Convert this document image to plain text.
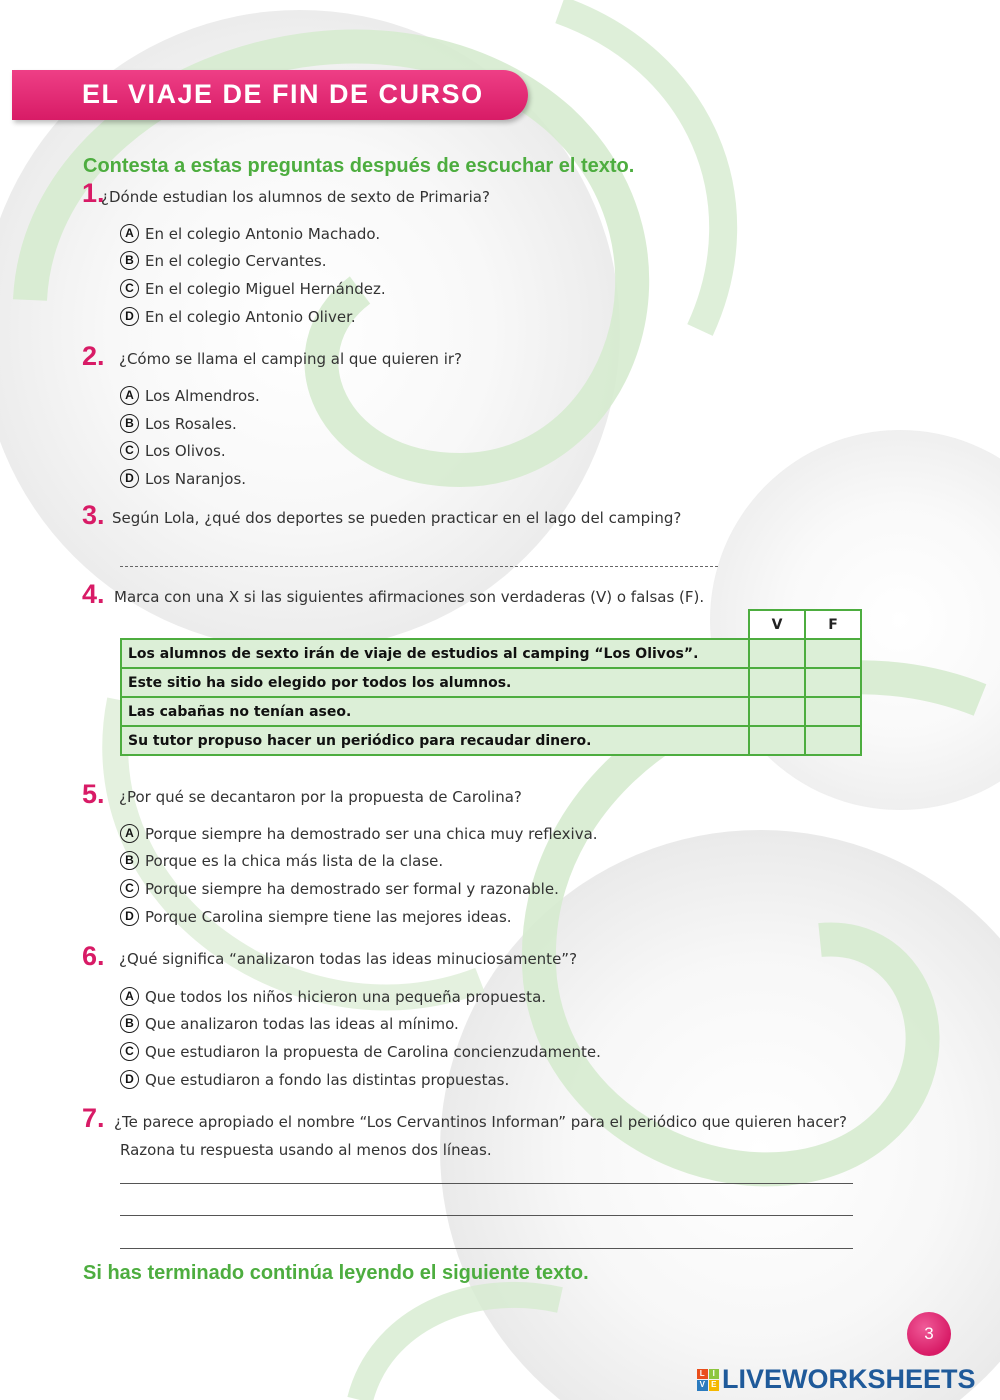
EL VIAJE DE FIN DE CURSO
Contesta a estas preguntas después de escuchar el texto.
1.
¿Dónde estudian los alumnos de sexto de Primaria?
A En el colegio Antonio Machado.
B En el colegio Cervantes.
C En el colegio Miguel Hernández.
D En el colegio Antonio Oliver.
2. ¿Cómo se llama el camping al que quieren ir?
A Los Almendros.
B Los Rosales.
C Los Olivos.
D Los Naranjos.
3. Según Lola, ¿qué dos deportes se pueden practicar en el lago del camping?
4. Marca con una X si las siguientes afirmaciones son verdaderas (V) o falsas (F).
	V	F
Los alumnos de sexto irán de viaje de estudios al camping “Los Olivos”.		
Este sitio ha sido elegido por todos los alumnos.		
Las cabañas no tenían aseo.		
Su tutor propuso hacer un periódico para recaudar dinero.		
5. ¿Por qué se decantaron por la propuesta de Carolina?
A Porque siempre ha demostrado ser una chica muy reflexiva.
B Porque es la chica más lista de la clase.
C Porque siempre ha demostrado ser formal y razonable.
D Porque Carolina siempre tiene las mejores ideas.
6. ¿Qué significa “analizaron todas las ideas minuciosamente”?
A Que todos los niños hicieron una pequeña propuesta.
B Que analizaron todas las ideas al mínimo.
C Que estudiaron la propuesta de Carolina concienzudamente.
D Que estudiaron a fondo las distintas propuestas.
7. ¿Te parece apropiado el nombre “Los Cervantinos Informan” para el periódico que quieren hacer?
Razona tu respuesta usando al menos dos líneas.
Si has terminado continúa leyendo el siguiente texto.
3
L I
V E LIVEWORKSHEETS
